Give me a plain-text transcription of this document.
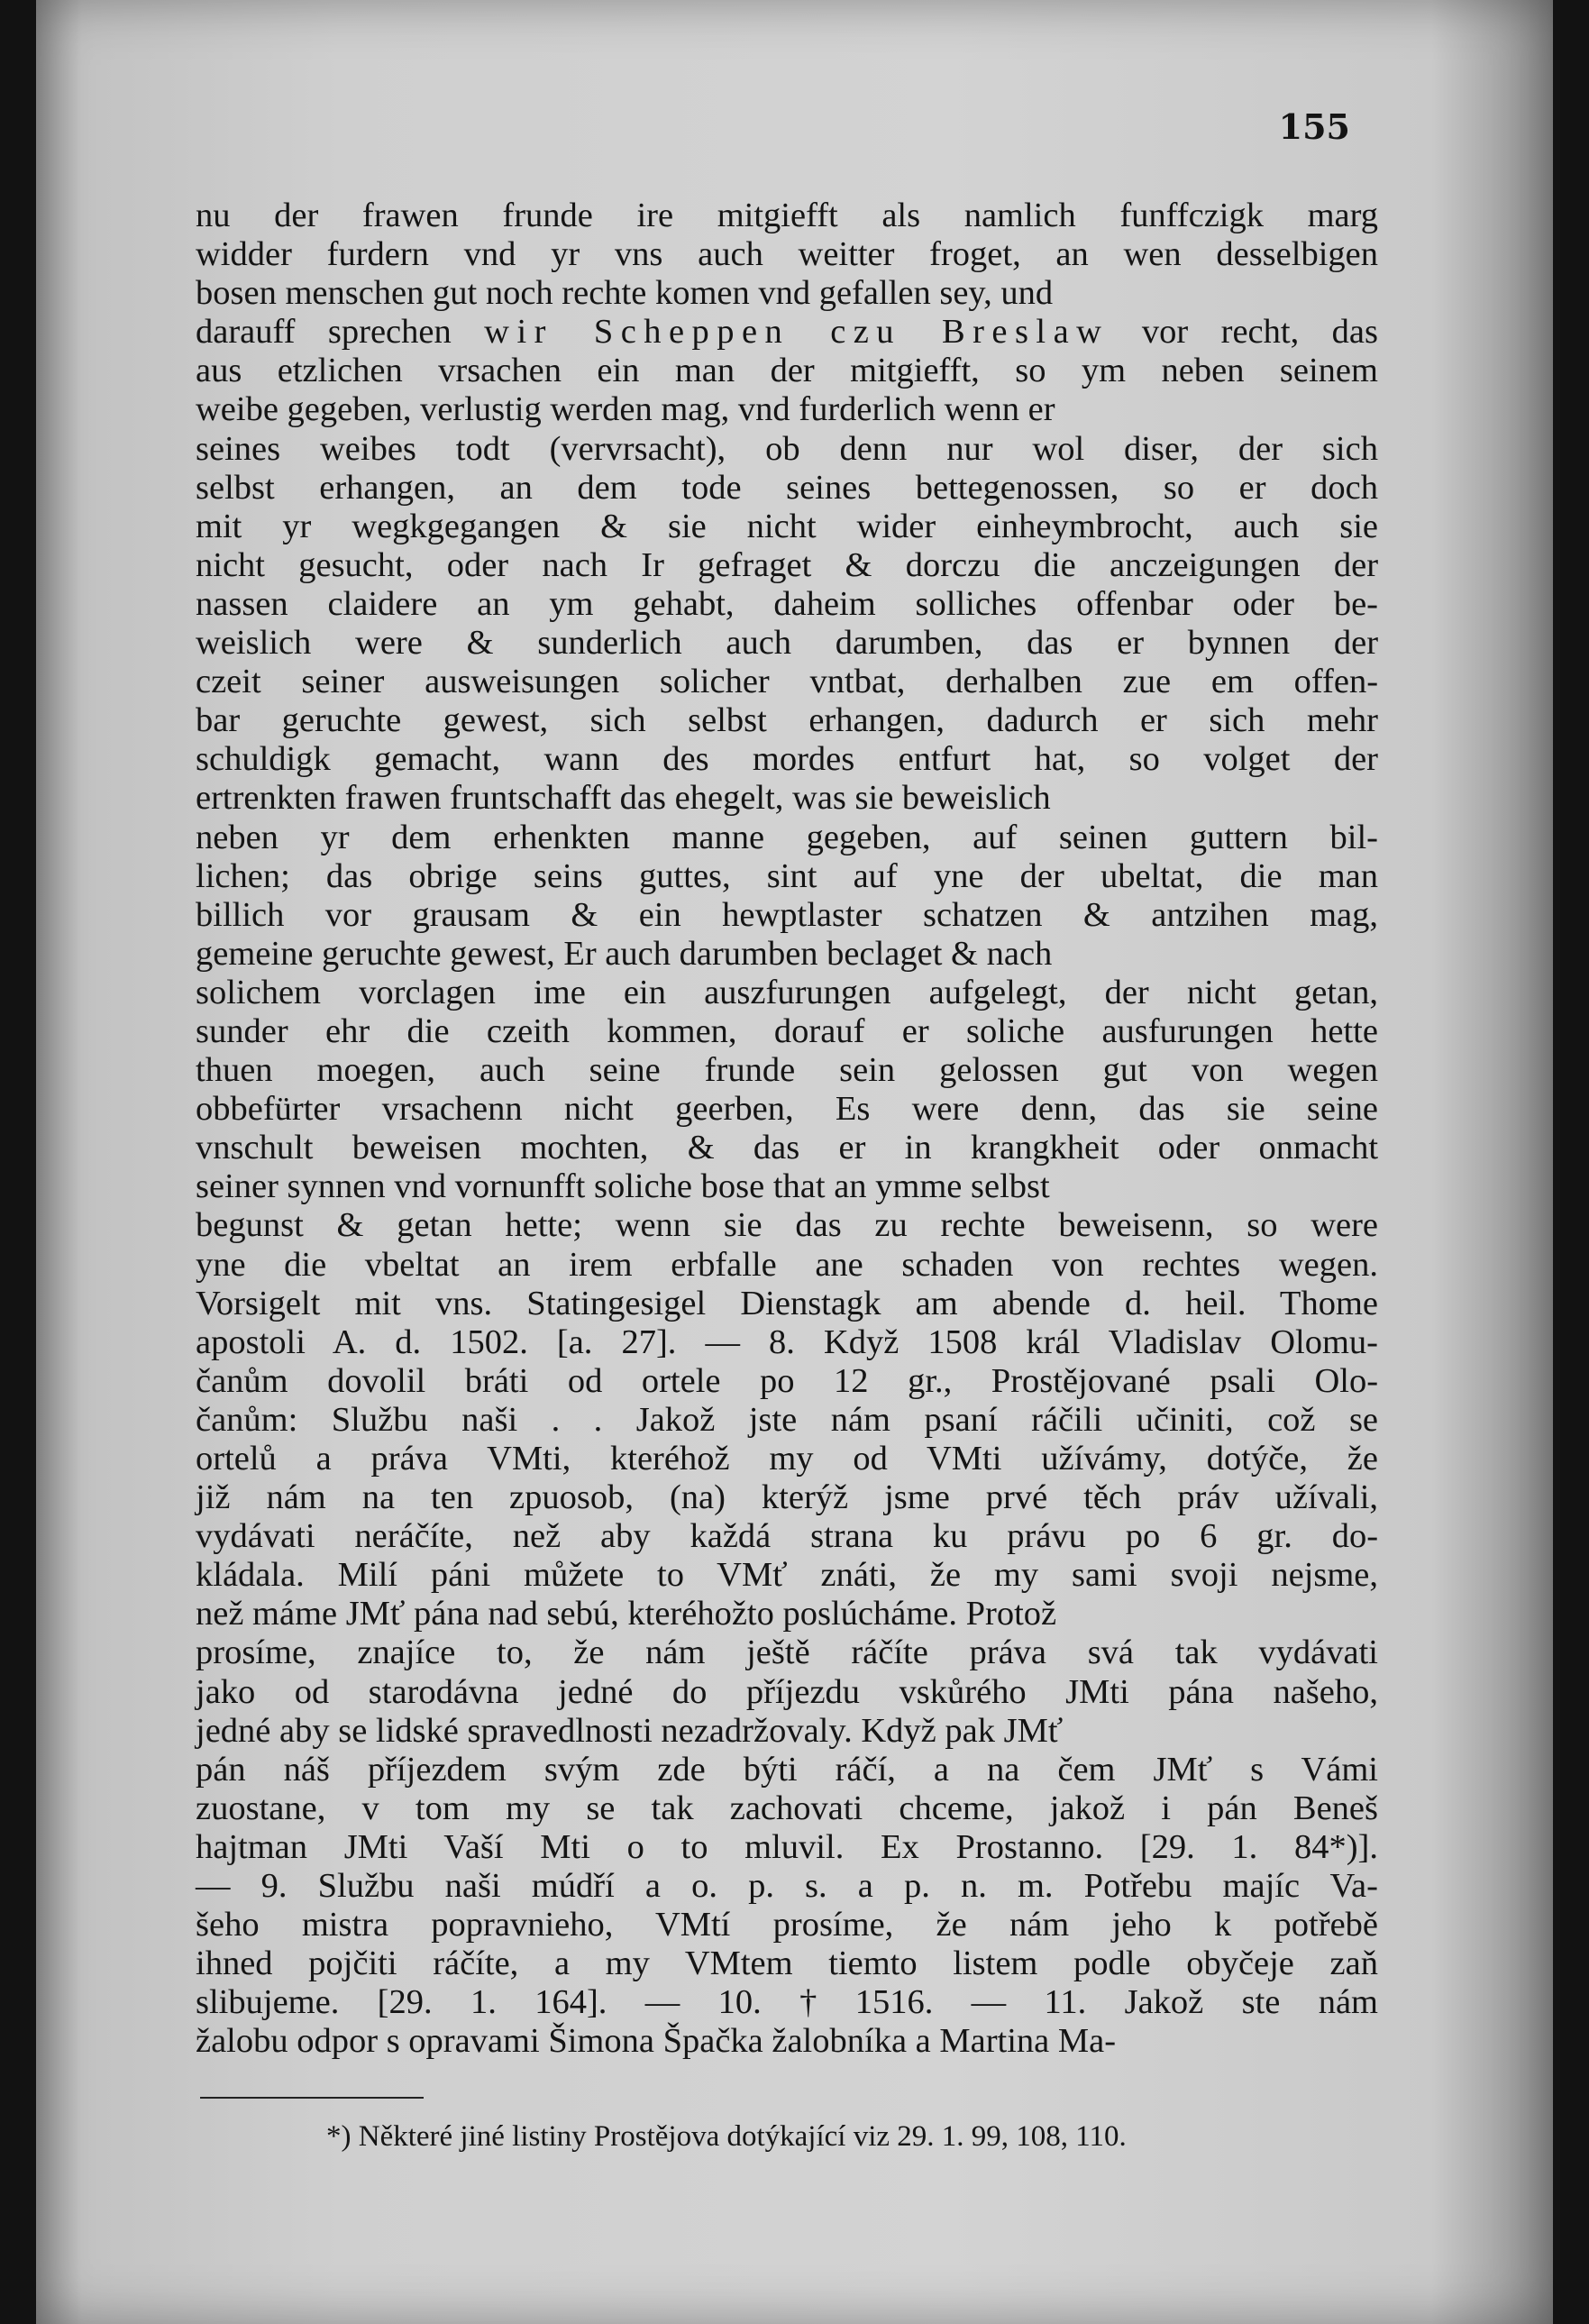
155
nu der frawen frunde ire mitgiefft als namlich funffczigk marg
widder furdern vnd yr vns auch weitter froget, an wen desselbigen
bosen menschen gut noch rechte komen vnd gefallen sey, und
darauff sprechen wir Scheppen czu Breslaw vor recht, das
aus etzlichen vrsachen ein man der mitgiefft, so ym neben seinem
weibe gegeben, verlustig werden mag, vnd furderlich wenn er
seines weibes todt (vervrsacht), ob denn nur wol diser, der sich
selbst erhangen, an dem tode seines bettegenossen, so er doch
mit yr wegkgegangen & sie nicht wider einheymbrocht, auch sie
nicht gesucht, oder nach Ir gefraget & dorczu die anczeigungen der
nassen claidere an ym gehabt, daheim solliches offenbar oder be-
weislich were & sunderlich auch darumben, das er bynnen der
czeit seiner ausweisungen solicher vntbat, derhalben zue em offen-
bar geruchte gewest, sich selbst erhangen, dadurch er sich mehr
schuldigk gemacht, wann des mordes entfurt hat, so volget der
ertrenkten frawen fruntschafft das ehegelt, was sie beweislich
neben yr dem erhenkten manne gegeben, auf seinen guttern bil-
lichen; das obrige seins guttes, sint auf yne der ubeltat, die man
billich vor grausam & ein hewptlaster schatzen & antzihen mag,
gemeine geruchte gewest, Er auch darumben beclaget & nach
solichem vorclagen ime ein auszfurungen aufgelegt, der nicht getan,
sunder ehr die czeith kommen, dorauf er soliche ausfurungen hette
thuen moegen, auch seine frunde sein gelossen gut von wegen
obbefürter vrsachenn nicht geerben, Es were denn, das sie seine
vnschult beweisen mochten, & das er in krangkheit oder onmacht
seiner synnen vnd vornunfft soliche bose that an ymme selbst
begunst & getan hette; wenn sie das zu rechte beweisenn, so were
yne die vbeltat an irem erbfalle ane schaden von rechtes wegen.
Vorsigelt mit vns. Statingesigel Dienstagk am abende d. heil. Thome
apostoli A. d. 1502. [a. 27]. — 8. Když 1508 král Vladislav Olomu-
čanům dovolil bráti od ortele po 12 gr., Prostějované psali Olo-
čanům: Službu naši . . Jakož jste nám psaní ráčili učiniti, což se
ortelů a práva VMti, kteréhož my od VMti užívámy, dotýče, že
již nám na ten zpuosob, (na) kterýž jsme prvé těch práv užívali,
vydávati neráčíte, než aby každá strana ku právu po 6 gr. do-
kládala. Milí páni můžete to VMť znáti, že my sami svoji nejsme,
než máme JMť pána nad sebú, kteréhožto poslúcháme. Protož
prosíme, znajíce to, že nám ještě ráčíte práva svá tak vydávati
jako od starodávna jedné do příjezdu vskůrého JMti pána našeho,
jedné aby se lidské spravedlnosti nezadržovaly. Když pak JMť
pán náš příjezdem svým zde býti ráčí, a na čem JMť s Vámi
zuostane, v tom my se tak zachovati chceme, jakož i pán Beneš
hajtman JMti Vaší Mti o to mluvil. Ex Prostanno. [29. 1. 84*)].
— 9. Službu naši múdří a o. p. s. a p. n. m. Potřebu majíc Va-
šeho mistra popravnieho, VMtí prosíme, že nám jeho k potřebě
ihned pojčiti ráčíte, a my VMtem tiemto listem podle obyčeje zaň
slibujeme. [29. 1. 164]. — 10. † 1516. — 11. Jakož ste nám
žalobu odpor s opravami Šimona Špačka žalobníka a Martina Ma-
*) Některé jiné listiny Prostějova dotýkající viz 29. 1. 99, 108, 110.
